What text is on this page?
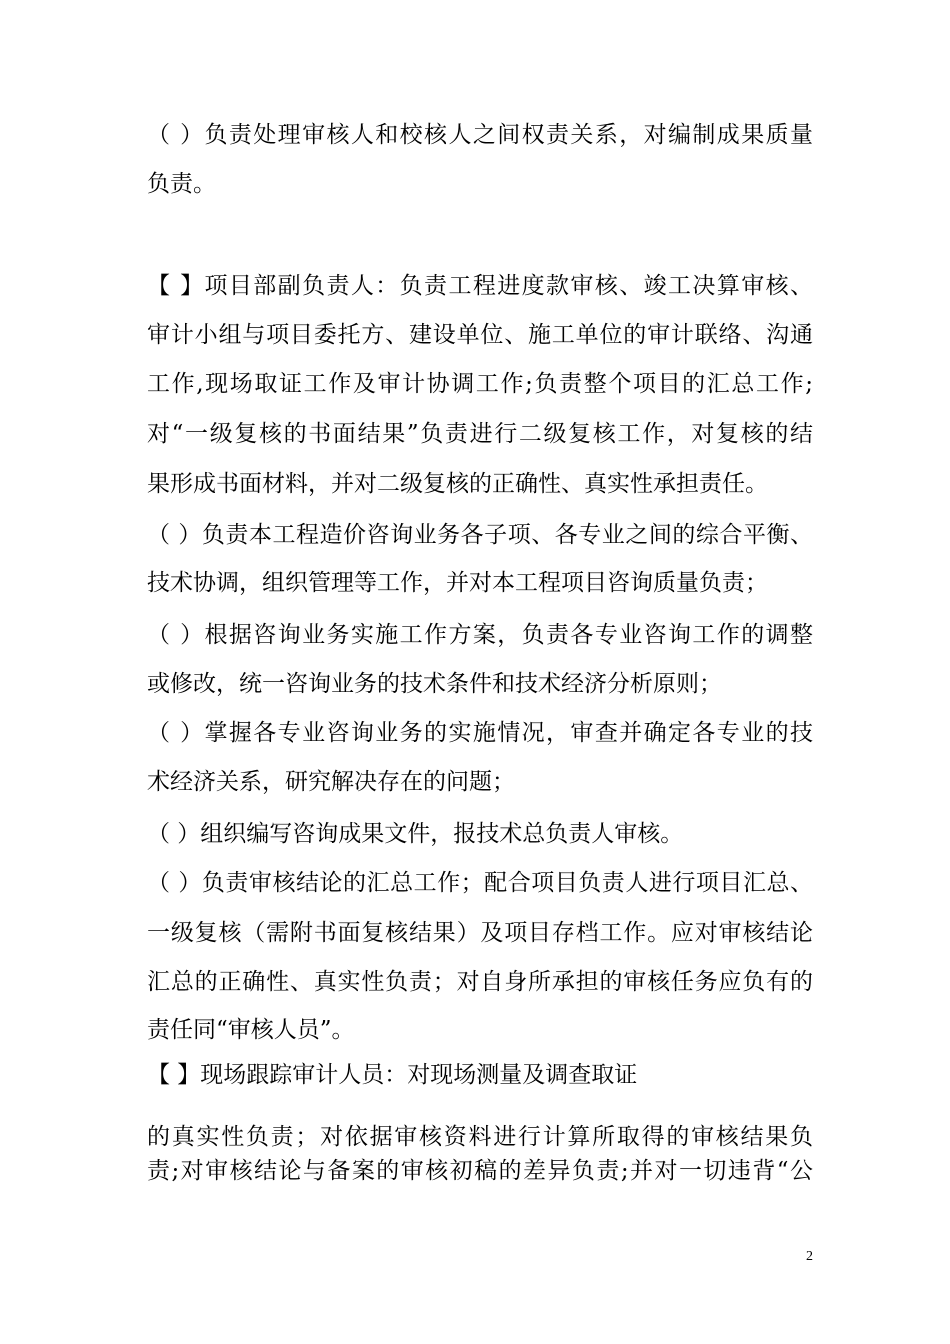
（ ）负责处理审核人和校核人之间权责关系，对编制成果质量
负责。
【 】项目部副负责人：负责工程进度款审核、竣工决算审核、
审计小组与项目委托方、建设单位、施工单位的审计联络、沟通
工作,现场取证工作及审计协调工作;负责整个项目的汇总工作;
对“一级复核的书面结果”负责进行二级复核工作，对复核的结
果形成书面材料，并对二级复核的正确性、真实性承担责任。
（ ）负责本工程造价咨询业务各子项、各专业之间的综合平衡、
技术协调，组织管理等工作，并对本工程项目咨询质量负责；
（ ）根据咨询业务实施工作方案，负责各专业咨询工作的调整
或修改，统一咨询业务的技术条件和技术经济分析原则；
（ ）掌握各专业咨询业务的实施情况，审查并确定各专业的技
术经济关系，研究解决存在的问题；
（ ）组织编写咨询成果文件，报技术总负责人审核。
（ ）负责审核结论的汇总工作；配合项目负责人进行项目汇总、
一级复核（需附书面复核结果）及项目存档工作。应对审核结论
汇总的正确性、真实性负责；对自身所承担的审核任务应负有的
责任同“审核人员”。
【 】现场跟踪审计人员：对现场测量及调查取证
的真实性负责；对依据审核资料进行计算所取得的审核结果负
责;对审核结论与备案的审核初稿的差异负责;并对一切违背“公
2
